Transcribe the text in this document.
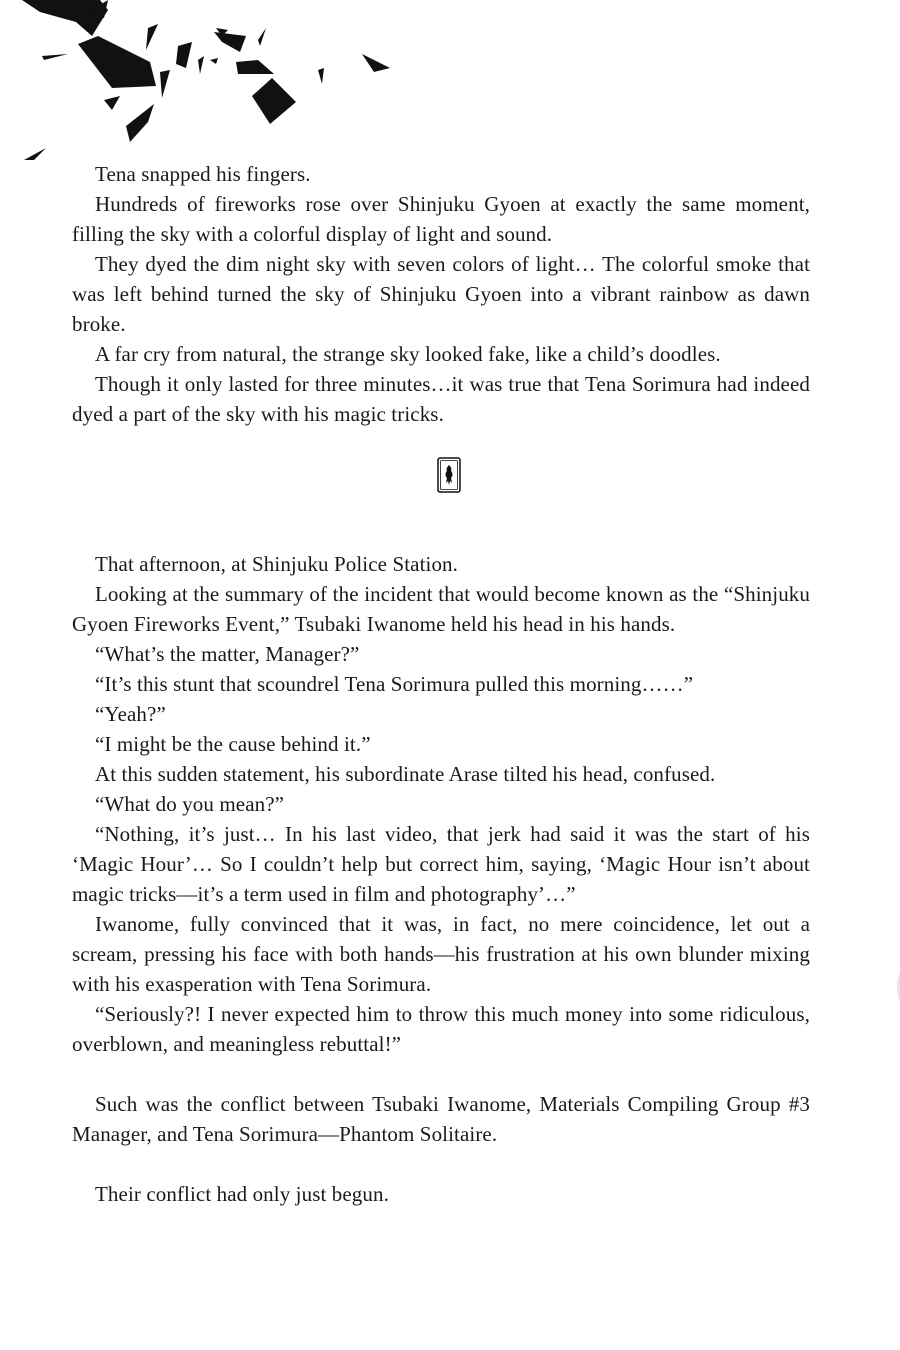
Tena snapped his fingers.

Hundreds of fireworks rose over Shinjuku Gyoen at exactly the same moment, filling the sky with a colorful display of light and sound.

They dyed the dim night sky with seven colors of light… The colorful smoke that was left behind turned the sky of Shinjuku Gyoen into a vibrant rainbow as dawn broke.

A far cry from natural, the strange sky looked fake, like a child’s doodles.

Though it only lasted for three minutes…it was true that Tena Sorimura had indeed dyed a part of the sky with his magic tricks.

That afternoon, at Shinjuku Police Station.

Looking at the summary of the incident that would become known as the “Shinjuku Gyoen Fireworks Event,” Tsubaki Iwanome held his head in his hands.

“What’s the matter, Manager?”

“It’s this stunt that scoundrel Tena Sorimura pulled this morning……”

“Yeah?”

“I might be the cause behind it.”

At this sudden statement, his subordinate Arase tilted his head, confused.

“What do you mean?”

“Nothing, it’s just… In his last video, that jerk had said it was the start of his ‘Magic Hour’… So I couldn’t help but correct him, saying, ‘Magic Hour isn’t about magic tricks—it’s a term used in film and photography’…”

Iwanome, fully convinced that it was, in fact, no mere coincidence, let out a scream, pressing his face with both hands—his frustration at his own blunder mixing with his exasperation with Tena Sorimura.

“Seriously?! I never expected him to throw this much money into some ridiculous, overblown, and meaningless rebuttal!”

Such was the conflict between Tsubaki Iwanome, Materials Compiling Group #3 Manager, and Tena Sorimura—Phantom Solitaire.

Their conflict had only just begun.
